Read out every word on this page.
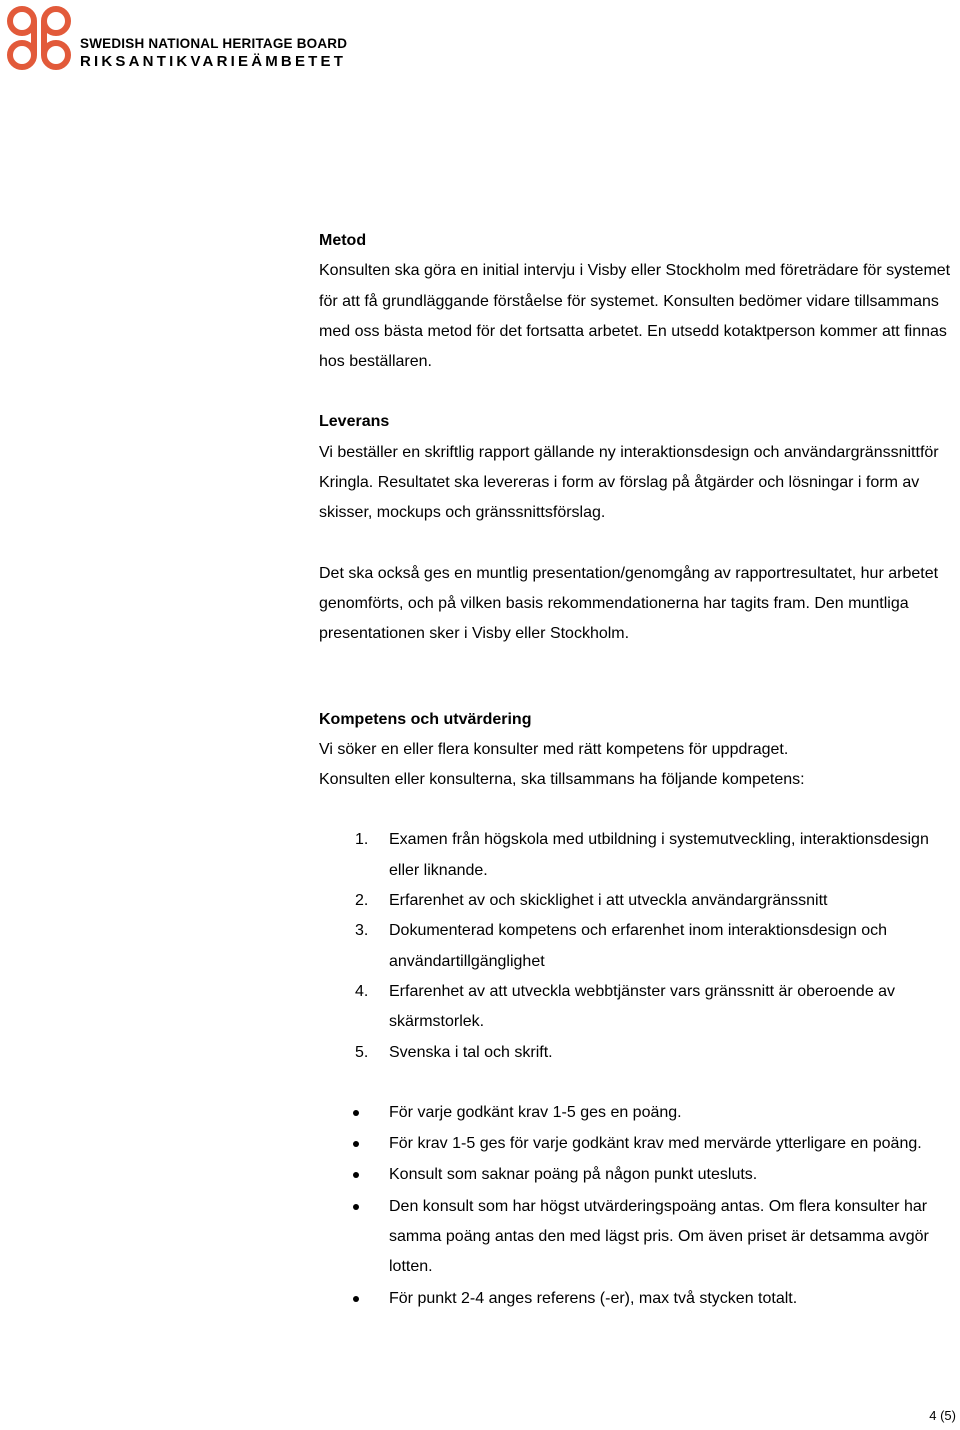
SWEDISH NATIONAL HERITAGE BOARD
RIKSANTIKVARIEÄMBETET
Metod

Konsulten ska göra en initial intervju i Visby eller Stockholm med företrädare för systemet för att få grundläggande förståelse för systemet. Konsulten bedömer vidare tillsammans med oss bästa metod för det fortsatta arbetet. En utsedd kotaktperson kommer att finnas hos beställaren.

Leverans

Vi beställer en skriftlig rapport gällande ny interaktionsdesign och användargränssnittför Kringla. Resultatet ska levereras i form av förslag på åtgärder och lösningar i form av skisser, mockups och gränssnittsförslag.

Det ska också ges en muntlig presentation/genomgång av rapportresultatet, hur arbetet genomförts, och på vilken basis rekommendationerna har tagits fram. Den muntliga presentationen sker i Visby eller Stockholm.

Kompetens och utvärdering

Vi söker en eller flera konsulter med rätt kompetens för uppdraget.

Konsulten eller konsulterna, ska tillsammans ha följande kompetens:

1. Examen från högskola med utbildning i systemutveckling, interaktionsdesign eller liknande.
2. Erfarenhet av och skicklighet i att utveckla användargränssnitt
3. Dokumenterad kompetens och erfarenhet inom interaktionsdesign och användartillgänglighet
4. Erfarenhet av att utveckla webbtjänster vars gränssnitt är oberoende av skärmstorlek.
5. Svenska i tal och skrift.
För varje godkänt krav 1-5 ges en poäng.
För krav 1-5 ges för varje godkänt krav med mervärde ytterligare en poäng.
Konsult som saknar poäng på någon punkt utesluts.
Den konsult som har högst utvärderingspoäng antas. Om flera konsulter har samma poäng antas den med lägst pris. Om även priset är detsamma avgör lotten.
För punkt 2-4 anges referens (-er), max två stycken totalt.
4 (5)
